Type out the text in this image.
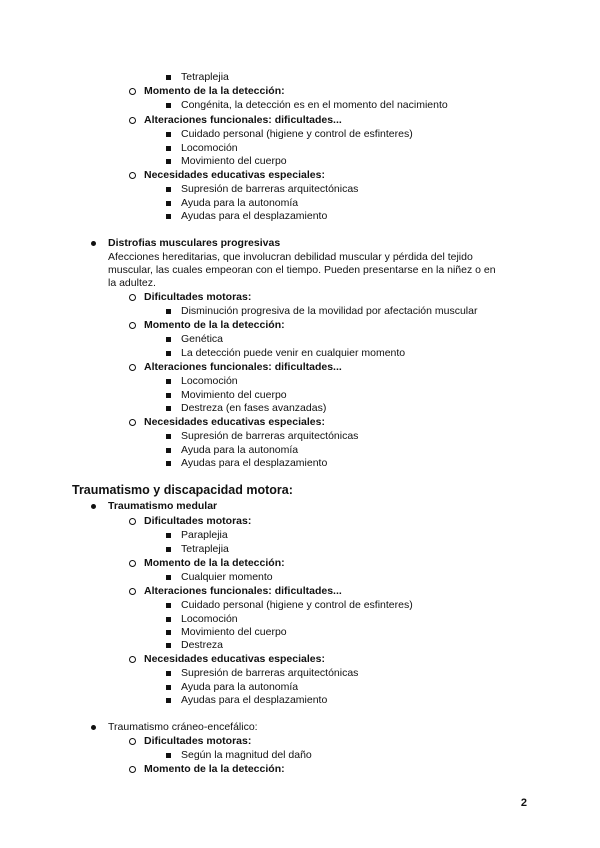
Tetraplejia
Momento de la la detección:
Congénita, la detección es en el momento del nacimiento
Alteraciones funcionales: dificultades...
Cuidado personal (higiene y control de esfinteres)
Locomoción
Movimiento del cuerpo
Necesidades educativas especiales:
Supresión de barreras arquitectónicas
Ayuda para la autonomía
Ayudas para el desplazamiento
Distrofias musculares progresivas
Afecciones hereditarias, que involucran debilidad muscular y pérdida del tejido
muscular, las cuales empeoran con el tiempo. Pueden presentarse en la niñez o en
la adultez.
Dificultades motoras:
Disminución progresiva de la movilidad por afectación muscular
Momento de la la detección:
Genética
La detección puede venir en cualquier momento
Alteraciones funcionales: dificultades...
Locomoción
Movimiento del cuerpo
Destreza (en fases avanzadas)
Necesidades educativas especiales:
Supresión de barreras arquitectónicas
Ayuda para la autonomía
Ayudas para el desplazamiento
Traumatismo y discapacidad motora:
Traumatismo medular
Dificultades motoras:
Paraplejia
Tetraplejia
Momento de la la detección:
Cualquier momento
Alteraciones funcionales: dificultades...
Cuidado personal (higiene y control de esfinteres)
Locomoción
Movimiento del cuerpo
Destreza
Necesidades educativas especiales:
Supresión de barreras arquitectónicas
Ayuda para la autonomía
Ayudas para el desplazamiento
Traumatismo cráneo-encefálico:
Dificultades motoras:
Según la magnitud del daño
Momento de la la detección:
2
